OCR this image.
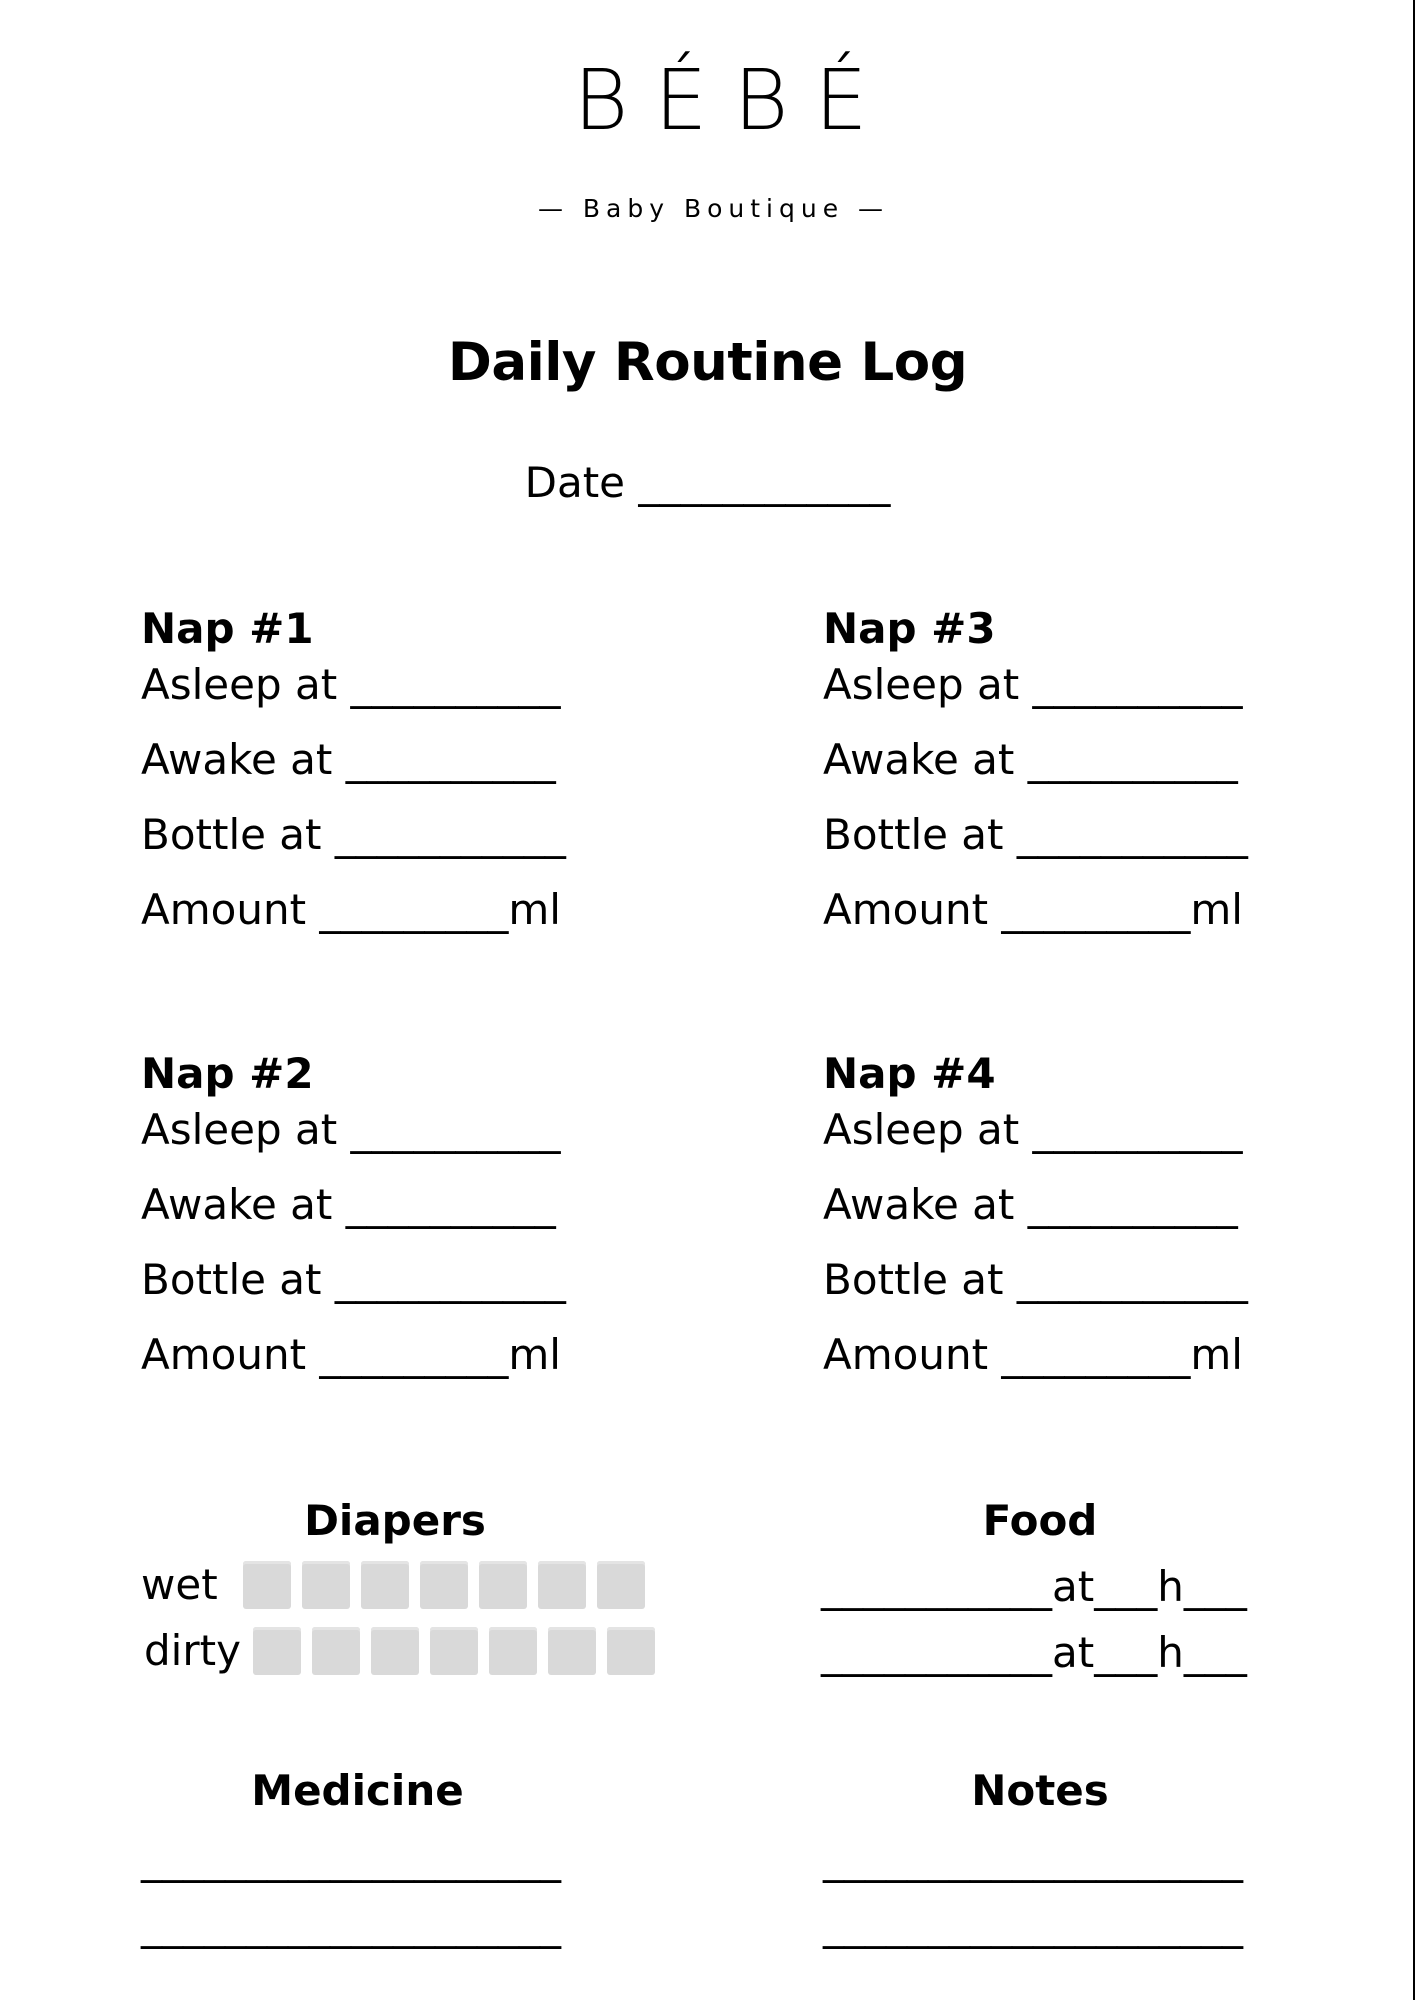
BÉBÉ
— Baby Boutique —
Daily Routine Log
Date ____________
Nap #1
Asleep at __________
Awake at __________
Bottle at ___________
Amount _________ml
Nap #3
Asleep at __________
Awake at __________
Bottle at ___________
Amount _________ml
Nap #2
Asleep at __________
Awake at __________
Bottle at ___________
Amount _________ml
Nap #4
Asleep at __________
Awake at __________
Bottle at ___________
Amount _________ml
Diapers
wet
dirty
Food
___________at___h___
___________at___h___
Medicine
____________________
____________________
Notes
____________________
____________________
